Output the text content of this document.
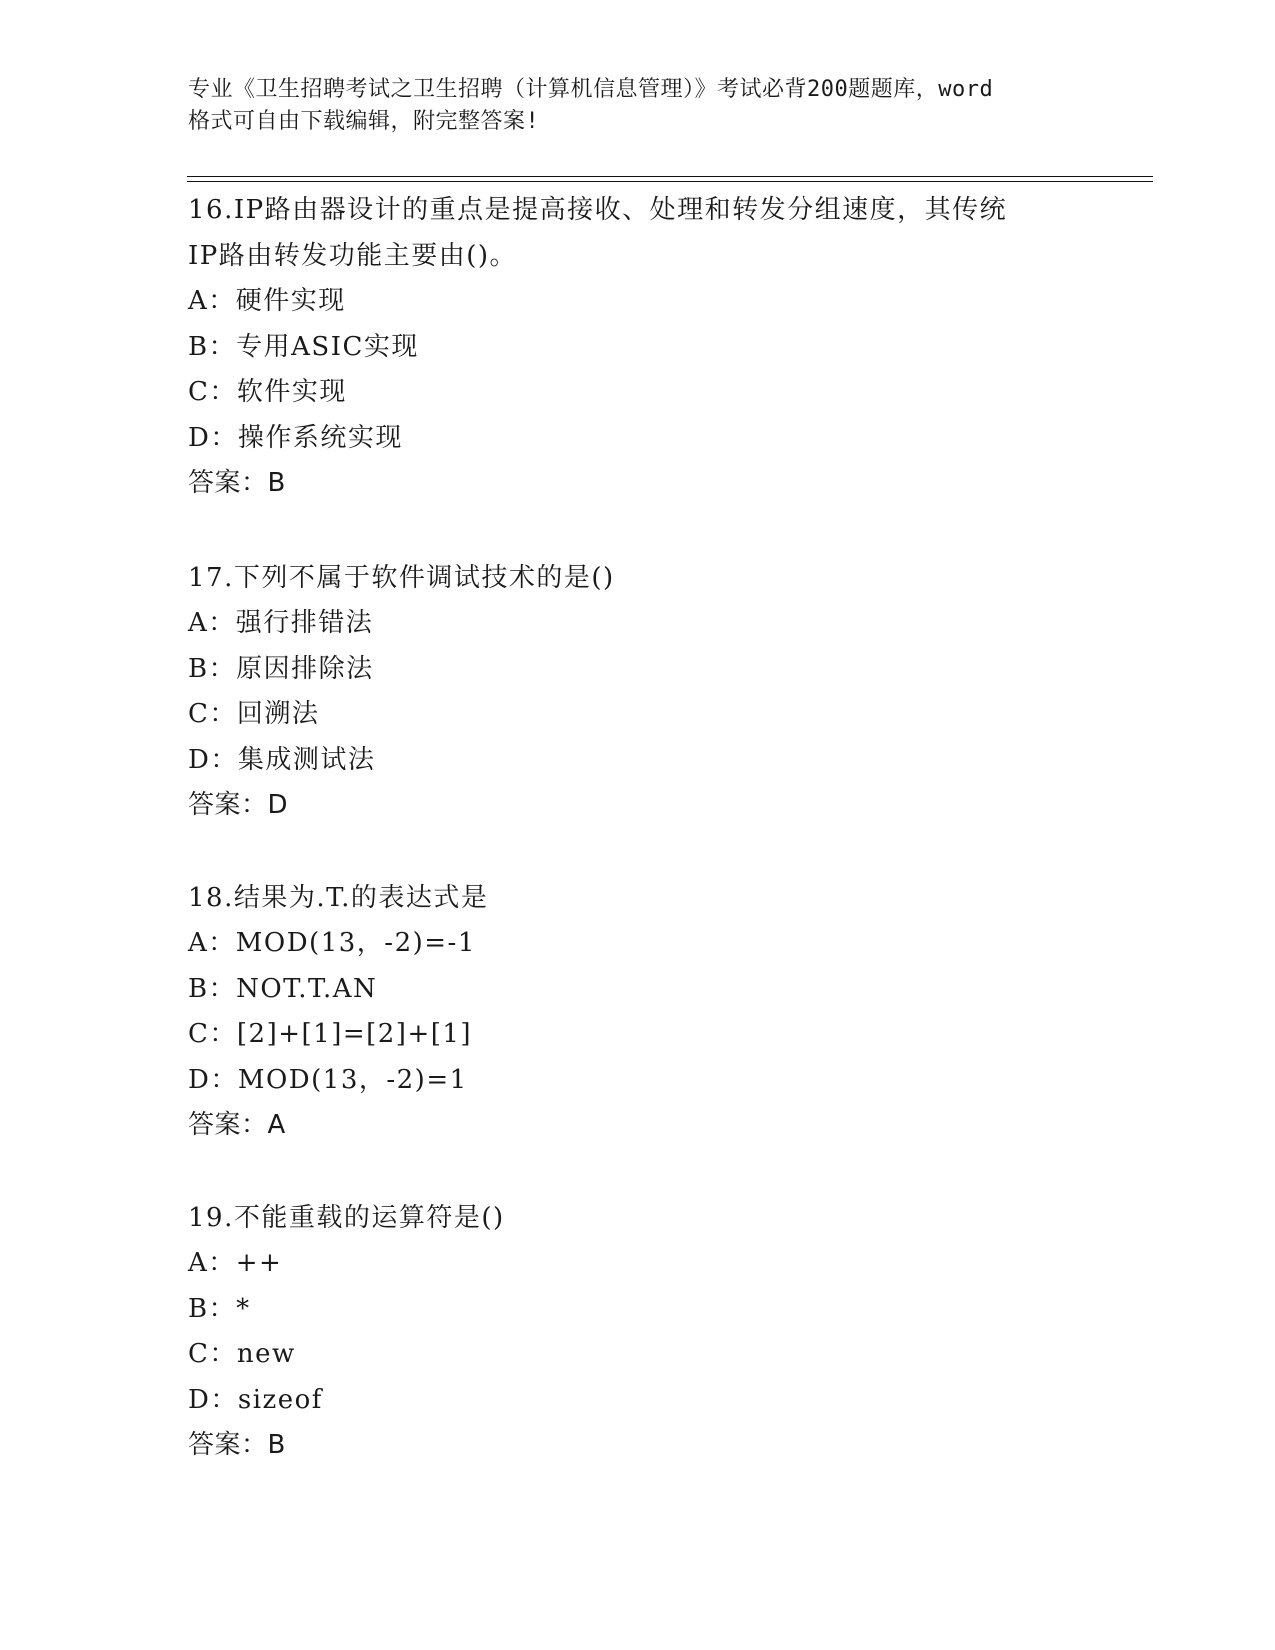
专业《卫生招聘考试之卫生招聘（计算机信息管理）》考试必背200题题库，word
格式可自由下载编辑，附完整答案!
16.IP路由器设计的重点是提高接收、处理和转发分组速度，其传统
IP路由转发功能主要由()。
A：硬件实现
B：专用ASIC实现
C：软件实现
D：操作系统实现
答案：B
17.下列不属于软件调试技术的是()
A：强行排错法
B：原因排除法
C：回溯法
D：集成测试法
答案：D
18.结果为.T.的表达式是
A：MOD(13，-2)=-1
B：NOT.T.AN
C：[2]+[1]=[2]+[1]
D：MOD(13，-2)=1
答案：A
19.不能重载的运算符是()
A：++
B：*
C：new
D：sizeof
答案：B
